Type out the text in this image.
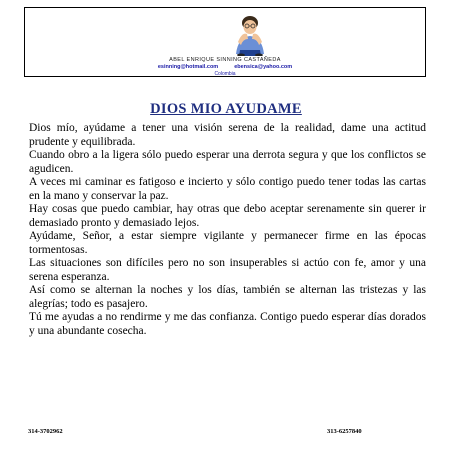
ABEL ENRIQUE SINNING CASTAÑEDA
esinning@hotmail.com	ebensica@yahoo.com
Colombia
DIOS MIO AYUDAME

Dios mío, ayúdame a tener una visión serena de la realidad, dame una actitud prudente y equilibrada.

Cuando obro a la ligera sólo puedo esperar una derrota segura y que los conflictos se agudicen.

A veces mi caminar es fatigoso e incierto y sólo contigo puedo tener todas las cartas en la mano y conservar la paz.

Hay cosas que puedo cambiar, hay otras que debo aceptar serenamente sin querer ir demasiado pronto y demasiado lejos.

Ayúdame, Señor, a estar siempre vigilante y permanecer firme en las épocas tormentosas.

Las situaciones son difíciles pero no son insuperables si actúo con fe, amor y una serena esperanza.

Así como se alternan la noches y los días, también se alternan las tristezas y las alegrías; todo es pasajero.

Tú me ayudas a no rendirme y me das confianza. Contigo puedo esperar días dorados y una abundante cosecha.

314-3702962	313-6257840
